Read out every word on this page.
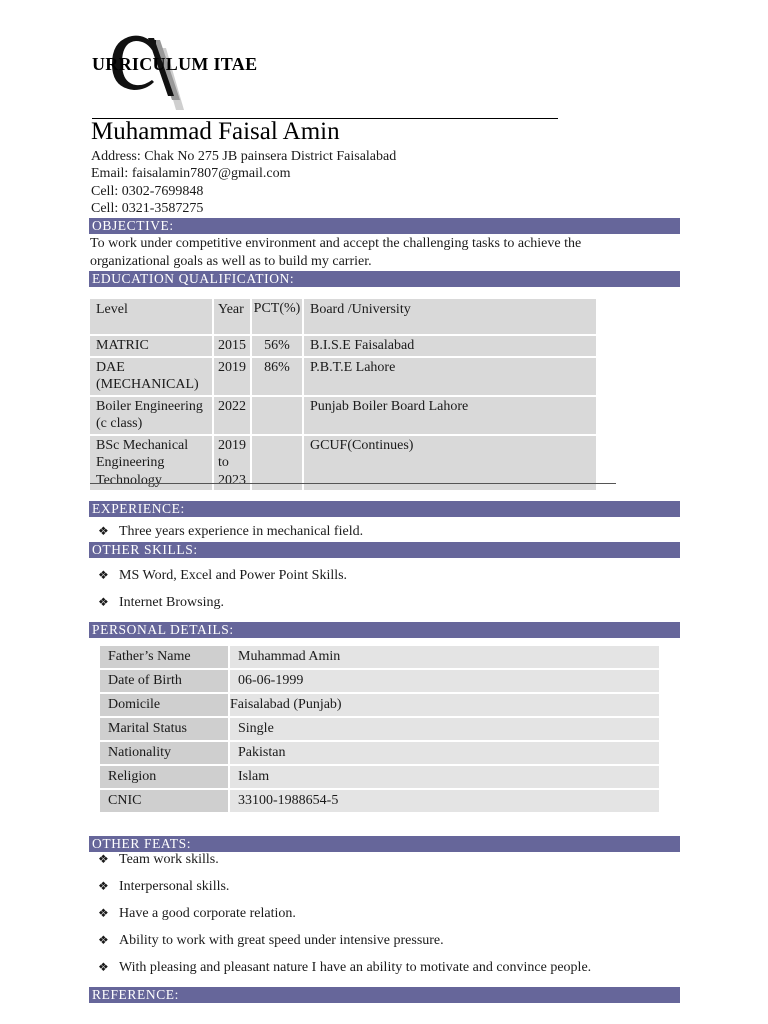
URRICULUM ITAE
Muhammad Faisal Amin
Address: Chak No 275 JB painsera District Faisalabad
Email: faisalamin7807@gmail.com
Cell: 0302-7699848
Cell: 0321-3587275
OBJECTIVE:
To work under competitive environment and accept the challenging tasks to achieve the
organizational goals as well as to build my carrier.
EDUCATION QUALIFICATION:
Level	Year	PCT(%)	Board /University
MATRIC	2015	56%	B.I.S.E Faisalabad
DAE
(MECHANICAL)	2019	86%	P.B.T.E Lahore
Boiler Engineering
(c class)	2022		Punjab Boiler Board Lahore
BSc Mechanical
Engineering
Technology	2019
to
2023		GCUF(Continues)
EXPERIENCE:
❖ Three years experience in mechanical field.
OTHER SKILLS:
❖ MS Word, Excel and Power Point Skills.
❖ Internet Browsing.
PERSONAL DETAILS:
Father’s Name	Muhammad Amin
Date of Birth	06-06-1999
Domicile	Faisalabad (Punjab)
Marital Status	Single
Nationality	Pakistan
Religion	Islam
CNIC	33100-1988654-5
OTHER FEATS:
❖ Team work skills.
❖ Interpersonal skills.
❖ Have a good corporate relation.
❖ Ability to work with great speed under intensive pressure.
❖ With pleasing and pleasant nature I have an ability to motivate and convince people.
REFERENCE:
